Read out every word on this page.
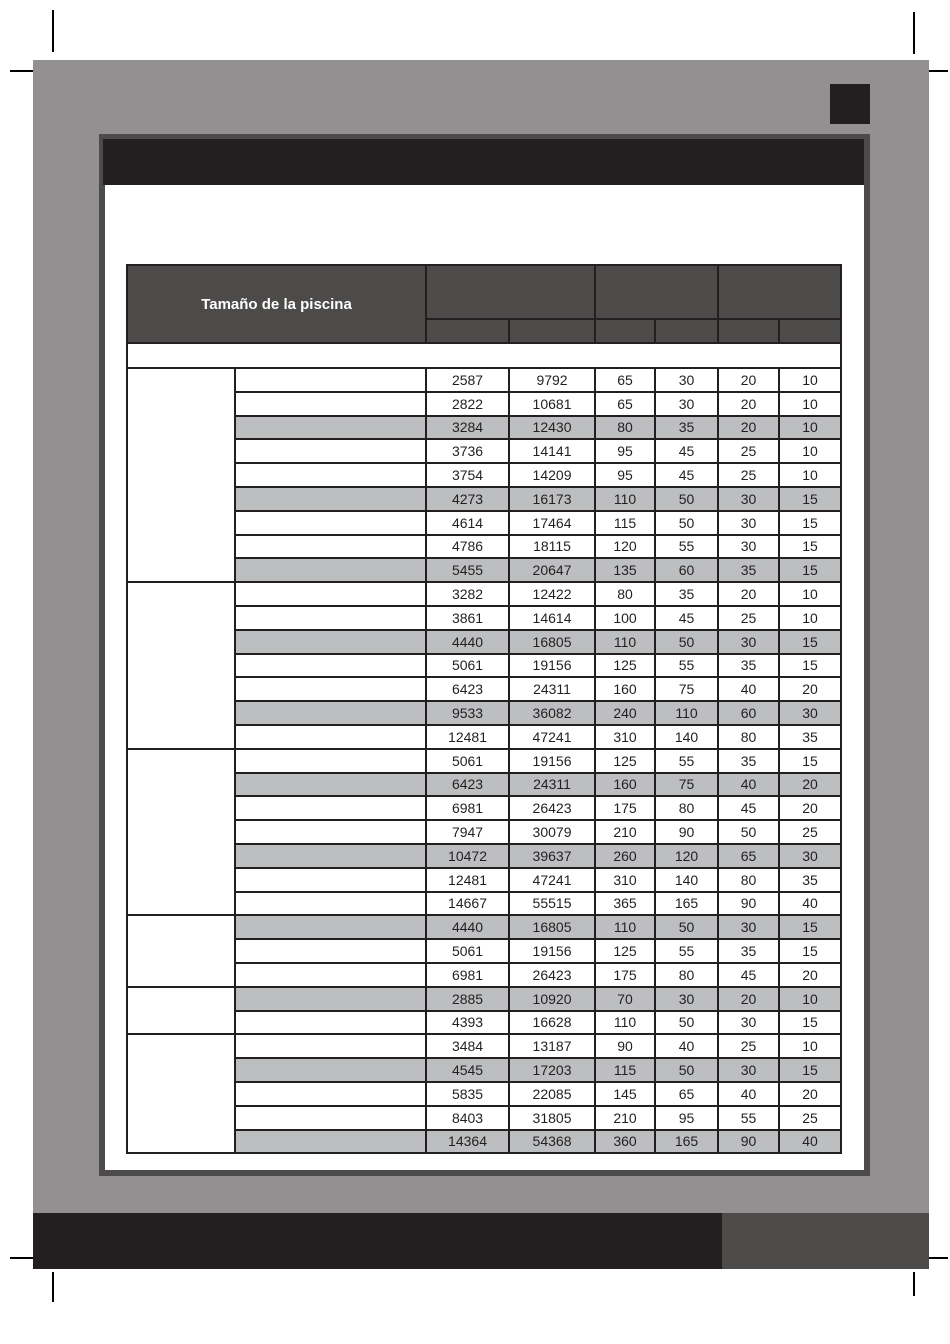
Tamaño de la piscina							

		2587	9792	65	30	20	10
		2822	10681	65	30	20	10
		3284	12430	80	35	20	10
		3736	14141	95	45	25	10
		3754	14209	95	45	25	10
		4273	16173	110	50	30	15
		4614	17464	115	50	30	15
		4786	18115	120	55	30	15
		5455	20647	135	60	35	15
		3282	12422	80	35	20	10
		3861	14614	100	45	25	10
		4440	16805	110	50	30	15
		5061	19156	125	55	35	15
		6423	24311	160	75	40	20
		9533	36082	240	110	60	30
		12481	47241	310	140	80	35
		5061	19156	125	55	35	15
		6423	24311	160	75	40	20
		6981	26423	175	80	45	20
		7947	30079	210	90	50	25
		10472	39637	260	120	65	30
		12481	47241	310	140	80	35
		14667	55515	365	165	90	40
		4440	16805	110	50	30	15
		5061	19156	125	55	35	15
		6981	26423	175	80	45	20
		2885	10920	70	30	20	10
		4393	16628	110	50	30	15
		3484	13187	90	40	25	10
		4545	17203	115	50	30	15
		5835	22085	145	65	40	20
		8403	31805	210	95	55	25
		14364	54368	360	165	90	40
